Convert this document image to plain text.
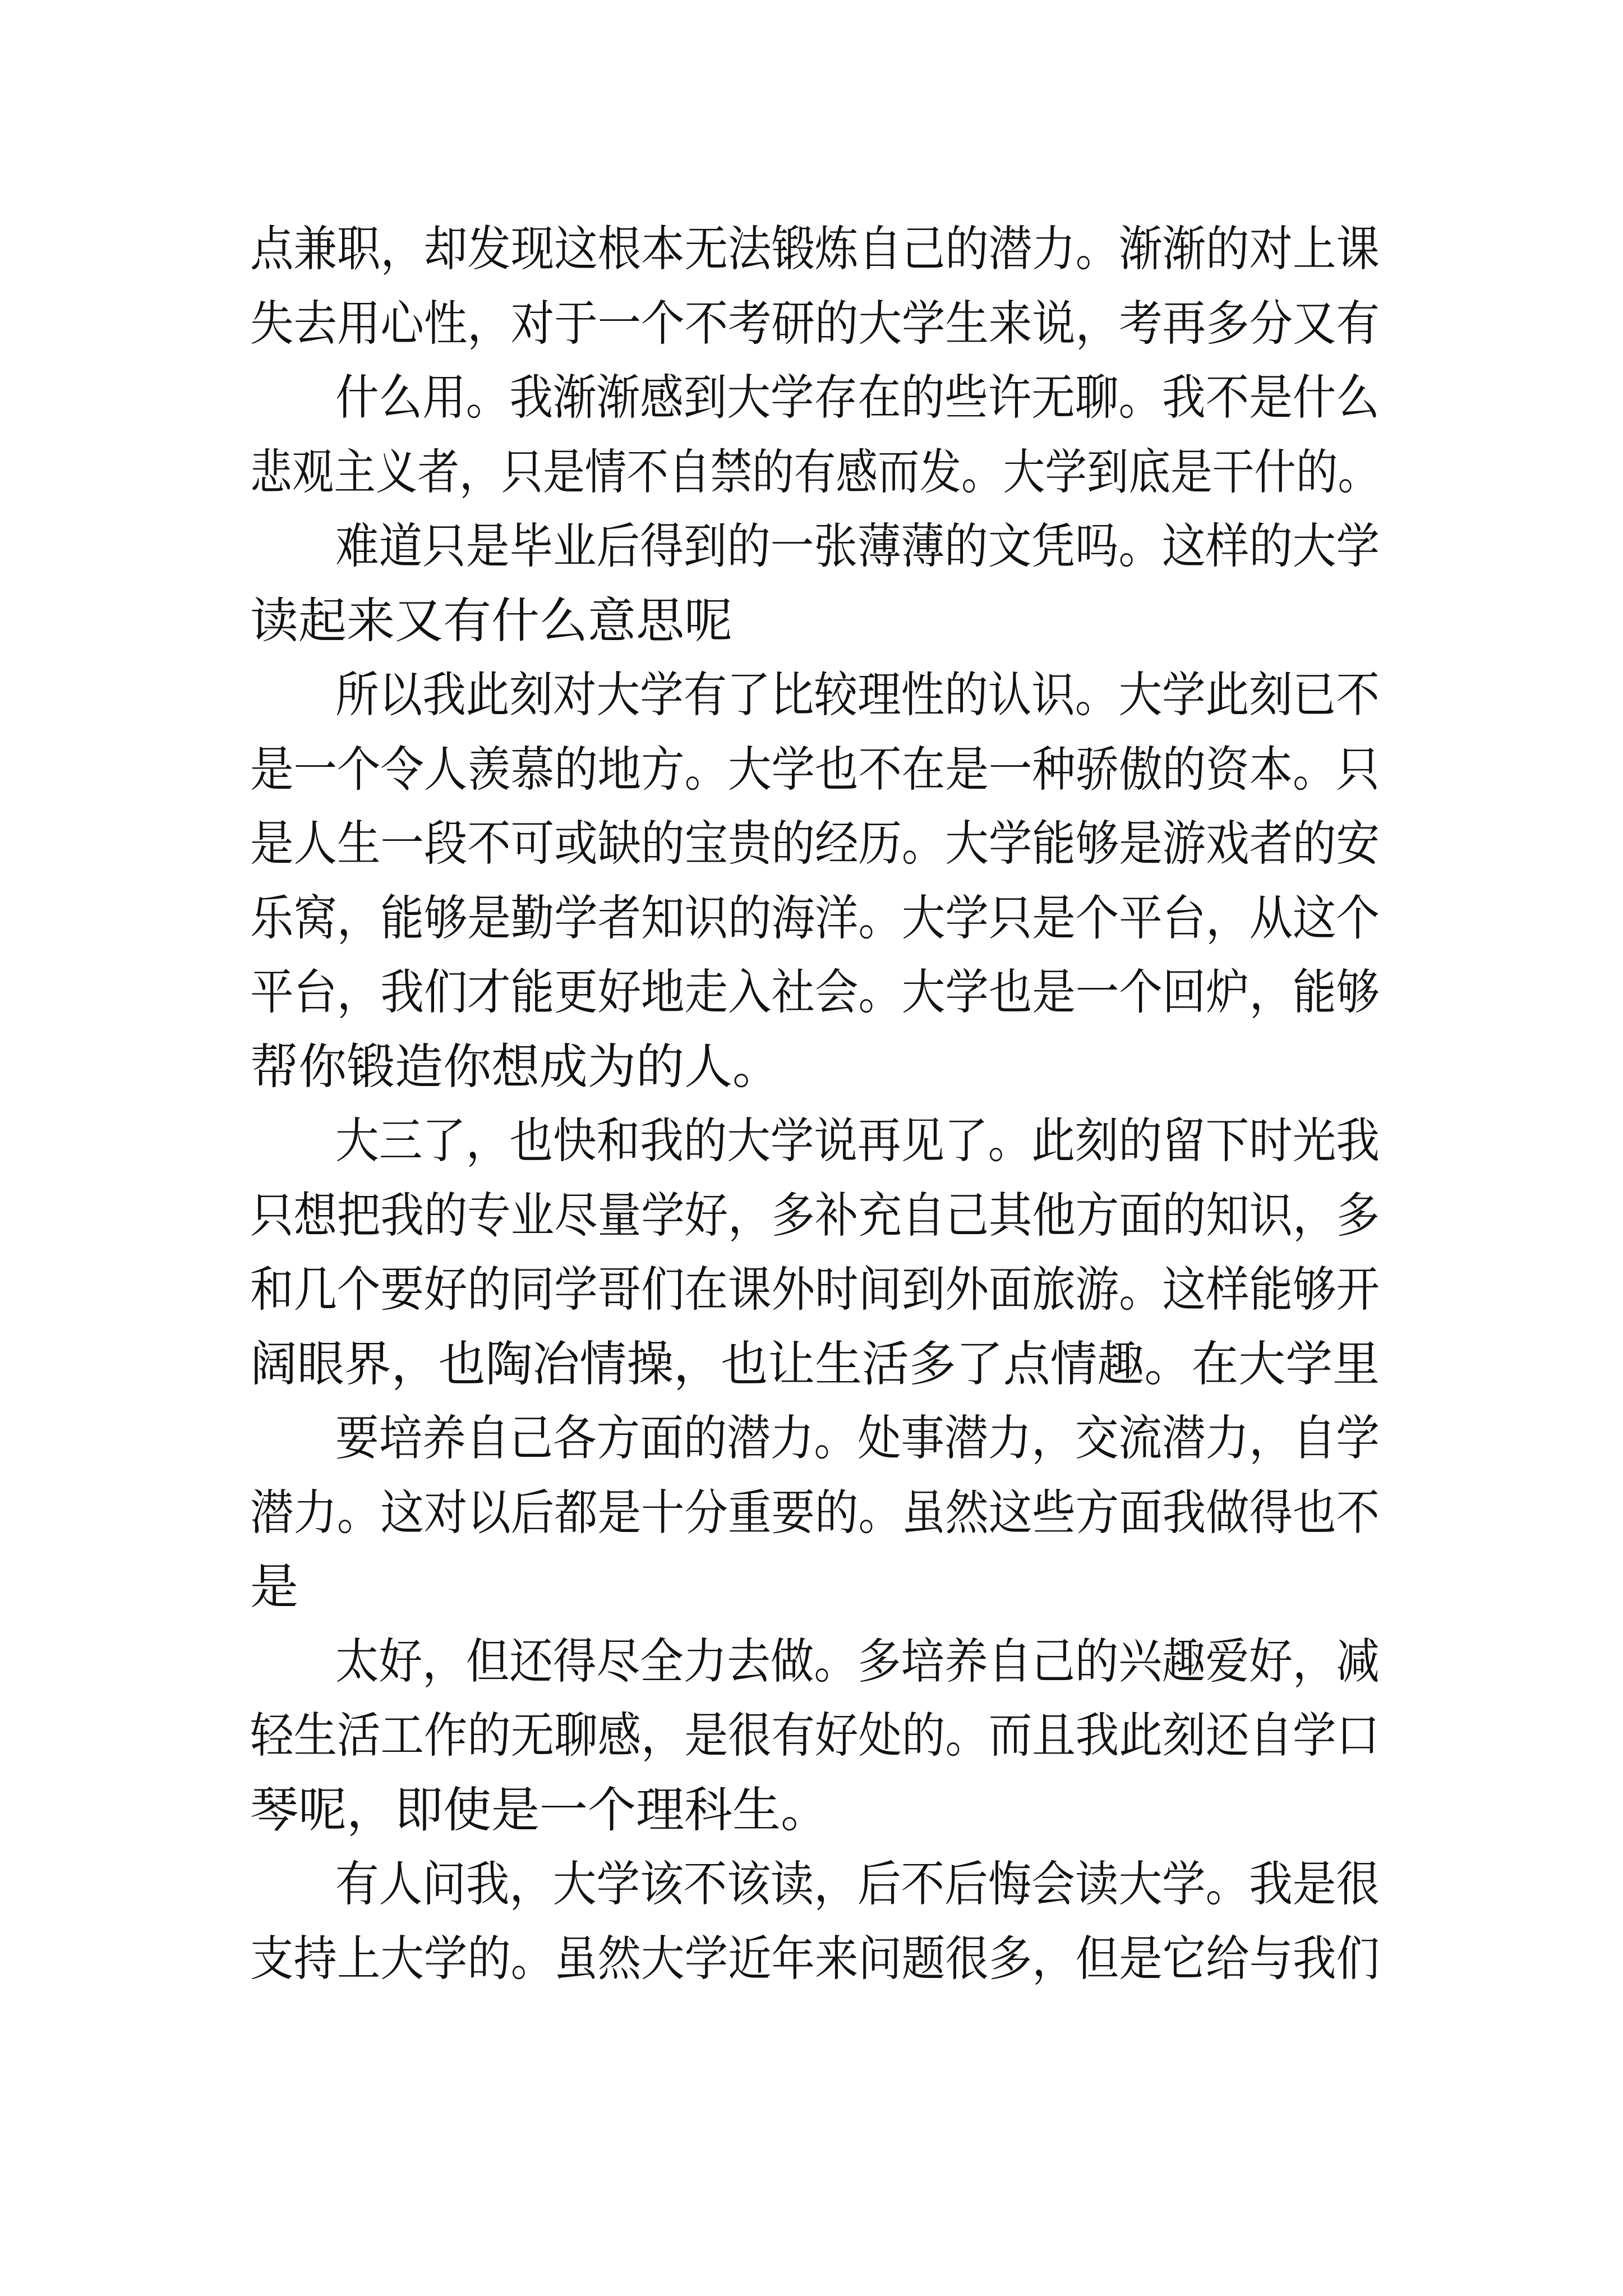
点兼职，却发现这根本无法锻炼自己的潜力。渐渐的对上课
失去用心性，对于一个不考研的大学生来说，考再多分又有
什么用。我渐渐感到大学存在的些许无聊。我不是什么
悲观主义者，只是情不自禁的有感而发。大学到底是干什的。
难道只是毕业后得到的一张薄薄的文凭吗。这样的大学
读起来又有什么意思呢
所以我此刻对大学有了比较理性的认识。大学此刻已不
是一个令人羡慕的地方。大学也不在是一种骄傲的资本。只
是人生一段不可或缺的宝贵的经历。大学能够是游戏者的安
乐窝，能够是勤学者知识的海洋。大学只是个平台，从这个
平台，我们才能更好地走入社会。大学也是一个回炉，能够
帮你锻造你想成为的人。
大三了，也快和我的大学说再见了。此刻的留下时光我
只想把我的专业尽量学好，多补充自己其他方面的知识，多
和几个要好的同学哥们在课外时间到外面旅游。这样能够开
阔眼界，也陶冶情操，也让生活多了点情趣。在大学里
要培养自己各方面的潜力。处事潜力，交流潜力，自学
潜力。这对以后都是十分重要的。虽然这些方面我做得也不
是
太好，但还得尽全力去做。多培养自己的兴趣爱好，减
轻生活工作的无聊感，是很有好处的。而且我此刻还自学口
琴呢，即使是一个理科生。
有人问我，大学该不该读，后不后悔会读大学。我是很
支持上大学的。虽然大学近年来问题很多，但是它给与我们
